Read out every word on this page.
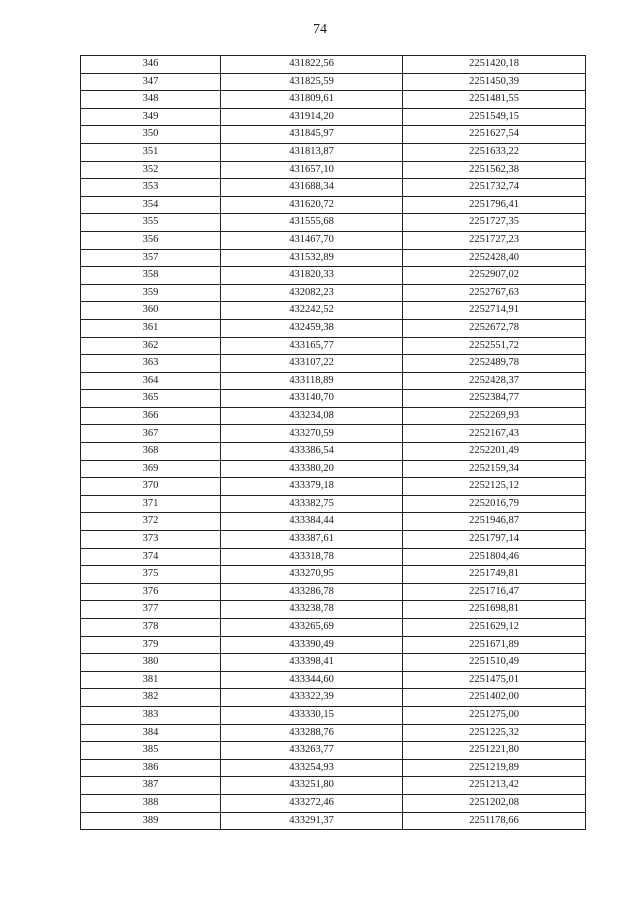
74
346	431822,56	2251420,18
347	431825,59	2251450,39
348	431809,61	2251481,55
349	431914,20	2251549,15
350	431845,97	2251627,54
351	431813,87	2251633,22
352	431657,10	2251562,38
353	431688,34	2251732,74
354	431620,72	2251796,41
355	431555,68	2251727,35
356	431467,70	2251727,23
357	431532,89	2252428,40
358	431820,33	2252907,02
359	432082,23	2252767,63
360	432242,52	2252714,91
361	432459,38	2252672,78
362	433165,77	2252551,72
363	433107,22	2252489,78
364	433118,89	2252428,37
365	433140,70	2252384,77
366	433234,08	2252269,93
367	433270,59	2252167,43
368	433386,54	2252201,49
369	433380,20	2252159,34
370	433379,18	2252125,12
371	433382,75	2252016,79
372	433384,44	2251946,87
373	433387,61	2251797,14
374	433318,78	2251804,46
375	433270,95	2251749,81
376	433286,78	2251716,47
377	433238,78	2251698,81
378	433265,69	2251629,12
379	433390,49	2251671,89
380	433398,41	2251510,49
381	433344,60	2251475,01
382	433322,39	2251402,00
383	433330,15	2251275,00
384	433288,76	2251225,32
385	433263,77	2251221,80
386	433254,93	2251219,89
387	433251,80	2251213,42
388	433272,46	2251202,08
389	433291,37	2251178,66
